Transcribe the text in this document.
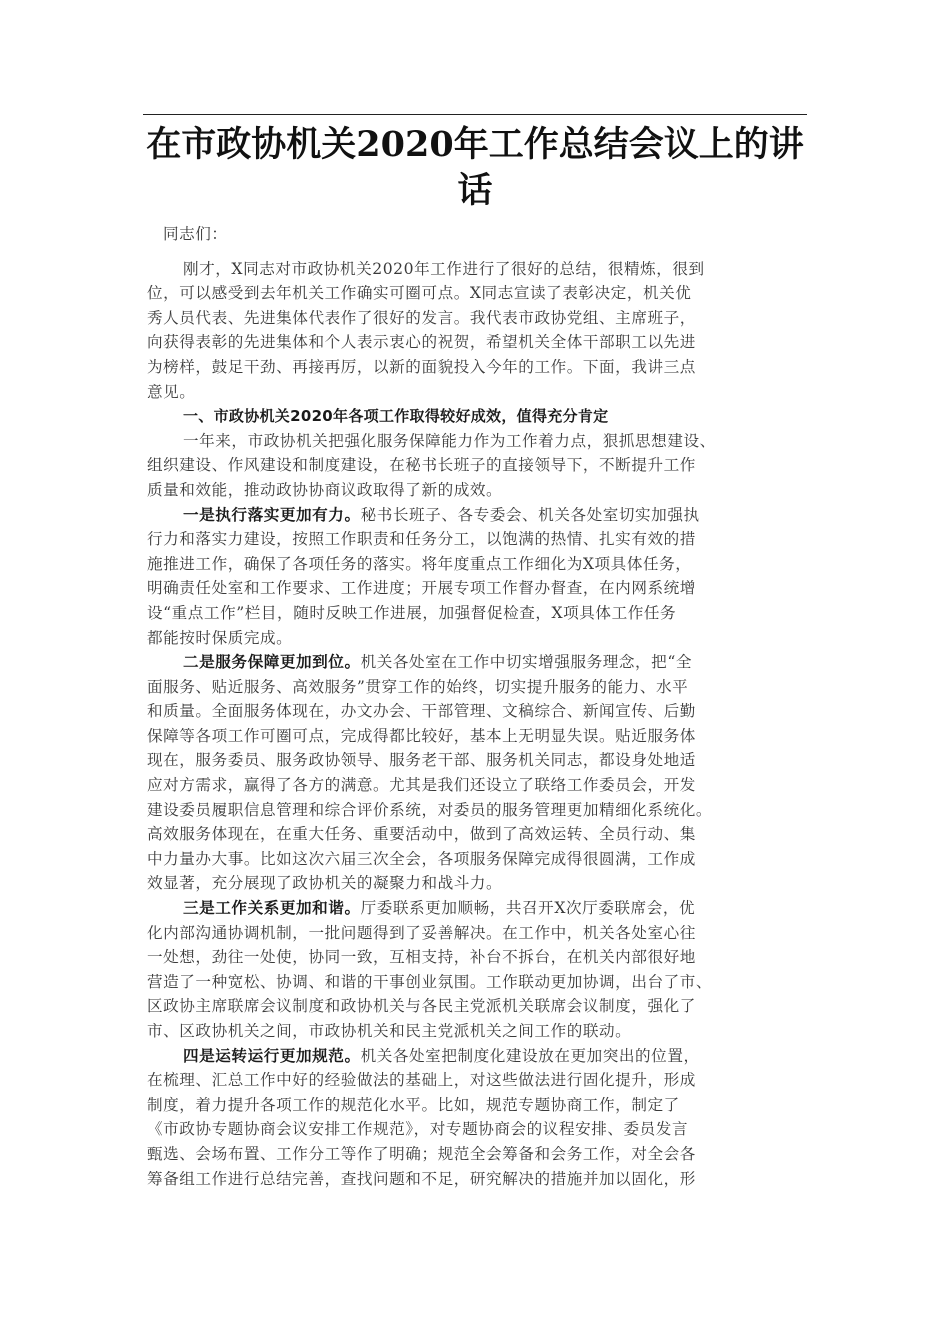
在市政协机关2020年工作总结会议上的讲
话
同志们：
刚才，X同志对市政协机关2020年工作进行了很好的总结，很精炼，很到
位，可以感受到去年机关工作确实可圈可点。X同志宣读了表彰决定，机关优
秀人员代表、先进集体代表作了很好的发言。我代表市政协党组、主席班子，
向获得表彰的先进集体和个人表示衷心的祝贺，希望机关全体干部职工以先进
为榜样，鼓足干劲、再接再厉，以新的面貌投入今年的工作。下面，我讲三点
意见。
一、市政协机关2020年各项工作取得较好成效，值得充分肯定
一年来，市政协机关把强化服务保障能力作为工作着力点，狠抓思想建设、
组织建设、作风建设和制度建设，在秘书长班子的直接领导下，不断提升工作
质量和效能，推动政协协商议政取得了新的成效。
一是执行落实更加有力。秘书长班子、各专委会、机关各处室切实加强执
行力和落实力建设，按照工作职责和任务分工，以饱满的热情、扎实有效的措
施推进工作，确保了各项任务的落实。将年度重点工作细化为X项具体任务，
明确责任处室和工作要求、工作进度；开展专项工作督办督查，在内网系统增
设“重点工作”栏目，随时反映工作进展，加强督促检查，X项具体工作任务
都能按时保质完成。
二是服务保障更加到位。机关各处室在工作中切实增强服务理念，把“全
面服务、贴近服务、高效服务”贯穿工作的始终，切实提升服务的能力、水平
和质量。全面服务体现在，办文办会、干部管理、文稿综合、新闻宣传、后勤
保障等各项工作可圈可点，完成得都比较好，基本上无明显失误。贴近服务体
现在，服务委员、服务政协领导、服务老干部、服务机关同志，都设身处地适
应对方需求，赢得了各方的满意。尤其是我们还设立了联络工作委员会，开发
建设委员履职信息管理和综合评价系统，对委员的服务管理更加精细化系统化。
高效服务体现在，在重大任务、重要活动中，做到了高效运转、全员行动、集
中力量办大事。比如这次六届三次全会，各项服务保障完成得很圆满，工作成
效显著，充分展现了政协机关的凝聚力和战斗力。
三是工作关系更加和谐。厅委联系更加顺畅，共召开X次厅委联席会，优
化内部沟通协调机制，一批问题得到了妥善解决。在工作中，机关各处室心往
一处想，劲往一处使，协同一致，互相支持，补台不拆台，在机关内部很好地
营造了一种宽松、协调、和谐的干事创业氛围。工作联动更加协调，出台了市、
区政协主席联席会议制度和政协机关与各民主党派机关联席会议制度，强化了
市、区政协机关之间，市政协机关和民主党派机关之间工作的联动。
四是运转运行更加规范。机关各处室把制度化建设放在更加突出的位置，
在梳理、汇总工作中好的经验做法的基础上，对这些做法进行固化提升，形成
制度，着力提升各项工作的规范化水平。比如，规范专题协商工作，制定了
《市政协专题协商会议安排工作规范》，对专题协商会的议程安排、委员发言
甄选、会场布置、工作分工等作了明确；规范全会筹备和会务工作，对全会各
筹备组工作进行总结完善，查找问题和不足，研究解决的措施并加以固化，形
